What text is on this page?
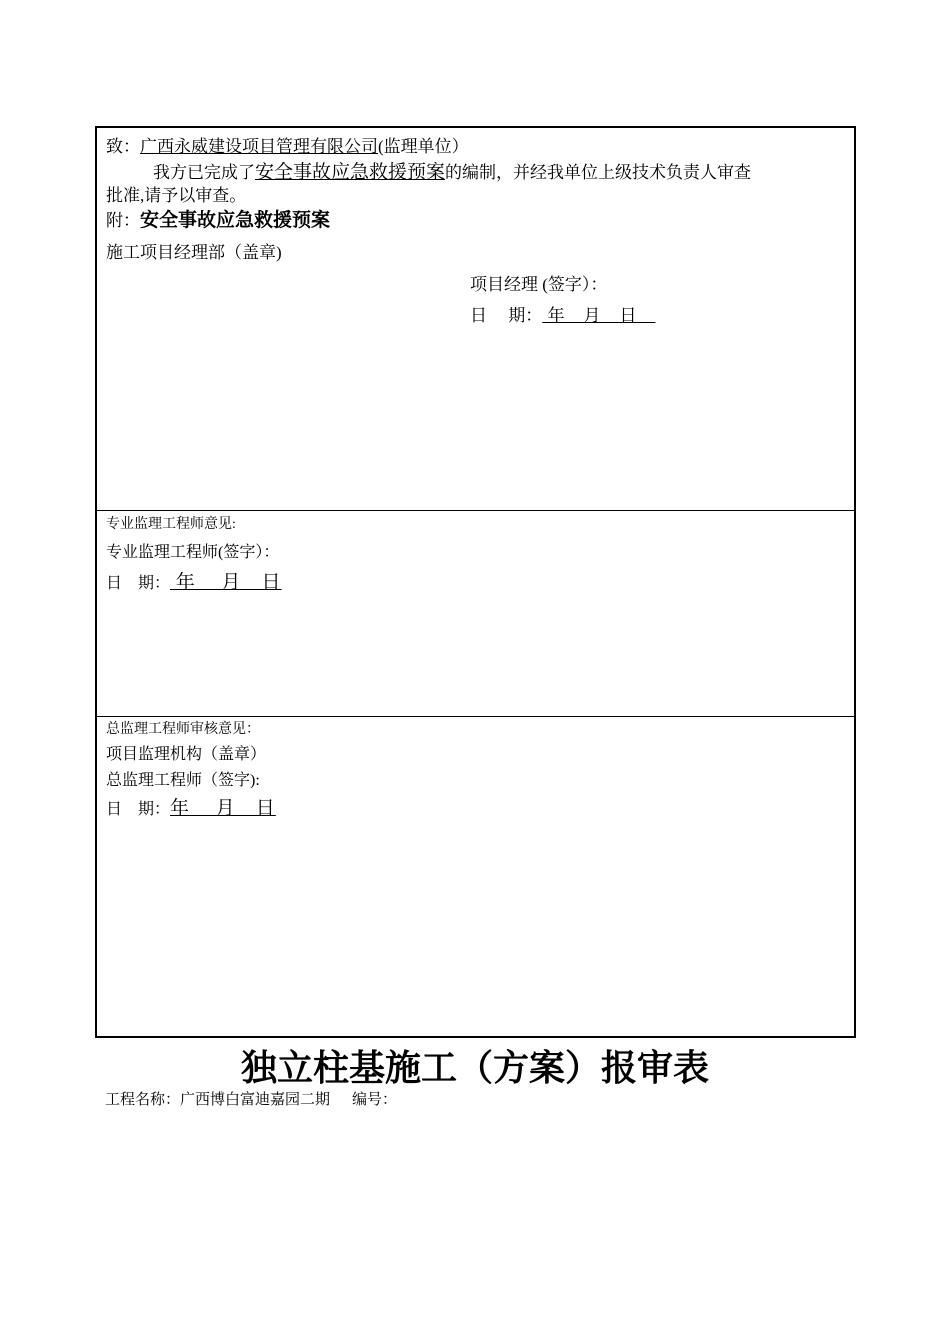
致：广西永威建设项目管理有限公司(监理单位）
我方已完成了安全事故应急救援预案的编制，并经我单位上级技术负责人审查
批准,请予以审查。
附：安全事故应急救援预案
施工项目经理部（盖章)
项目经理 (签字）：
日　 期： 年　月　日　
专业监理工程师意见:
专业监理工程师(签字）：
日　期： 年　 月　日
总监理工程师审核意见：
项目监理机构（盖章）
总监理工程师（签字):
日　期：年　 月　日
独立柱基施工（方案）报审表
工程名称：广西博白富迪嘉园二期 编号：
